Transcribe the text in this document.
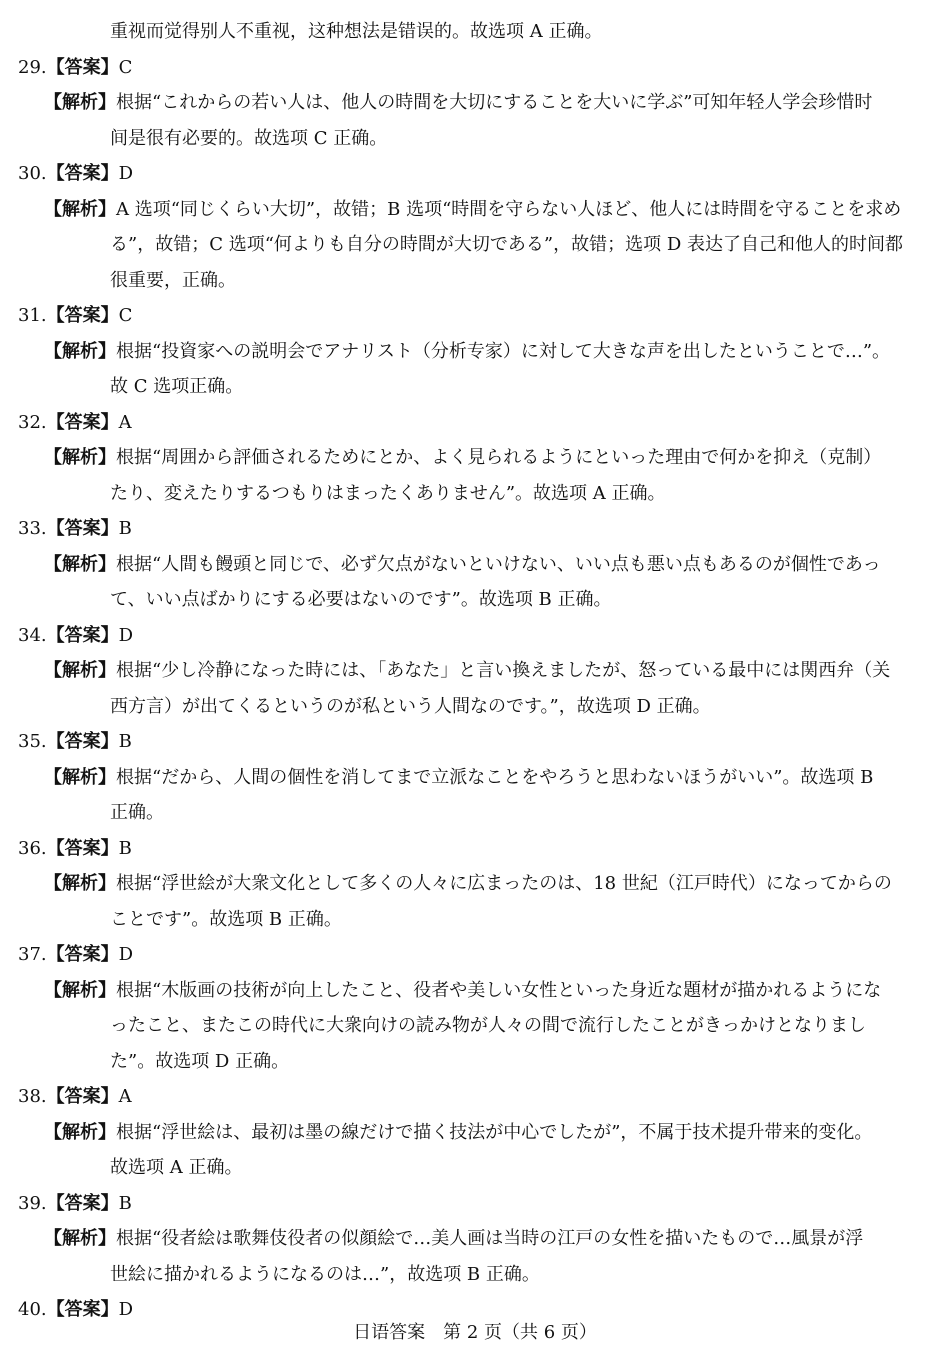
重视而觉得别人不重视，这种想法是错误的。故选项 A 正确。
29.【答案】C
【解析】根据“これからの若い人は、他人の時間を大切にすることを大いに学ぶ”可知年轻人学会珍惜时
间是很有必要的。故选项 C 正确。
30.【答案】D
【解析】A 选项“同じくらい大切”，故错；B 选项“時間を守らない人ほど、他人には時間を守ることを求め
る”，故错；C 选项“何よりも自分の時間が大切である”，故错；选项 D 表达了自己和他人的时间都
很重要，正确。
31.【答案】C
【解析】根据“投資家への説明会でアナリスト（分析专家）に対して大きな声を出したということで…”。
故 C 选项正确。
32.【答案】A
【解析】根据“周囲から評価されるためにとか、よく見られるようにといった理由で何かを抑え（克制）
たり、変えたりするつもりはまったくありません”。故选项 A 正确。
33.【答案】B
【解析】根据“人間も饅頭と同じで、必ず欠点がないといけない、いい点も悪い点もあるのが個性であっ
て、いい点ばかりにする必要はないのです”。故选项 B 正确。
34.【答案】D
【解析】根据“少し冷静になった時には、「あなた」と言い換えましたが、怒っている最中には関西弁（关
西方言）が出てくるというのが私という人間なのです。”，故选项 D 正确。
35.【答案】B
【解析】根据“だから、人間の個性を消してまで立派なことをやろうと思わないほうがいい”。故选项 B
正确。
36.【答案】B
【解析】根据“浮世絵が大衆文化として多くの人々に広まったのは、18 世紀（江戸時代）になってからの
ことです”。故选项 B 正确。
37.【答案】D
【解析】根据“木版画の技術が向上したこと、役者や美しい女性といった身近な題材が描かれるようにな
ったこと、またこの時代に大衆向けの読み物が人々の間で流行したことがきっかけとなりまし
た”。故选项 D 正确。
38.【答案】A
【解析】根据“浮世絵は、最初は墨の線だけで描く技法が中心でしたが”，不属于技术提升带来的变化。
故选项 A 正确。
39.【答案】B
【解析】根据“役者絵は歌舞伎役者の似顔絵で…美人画は当時の江戸の女性を描いたもので…風景が浮
世絵に描かれるようになるのは…”，故选项 B 正确。
40.【答案】D
日语答案　第 2 页（共 6 页）
